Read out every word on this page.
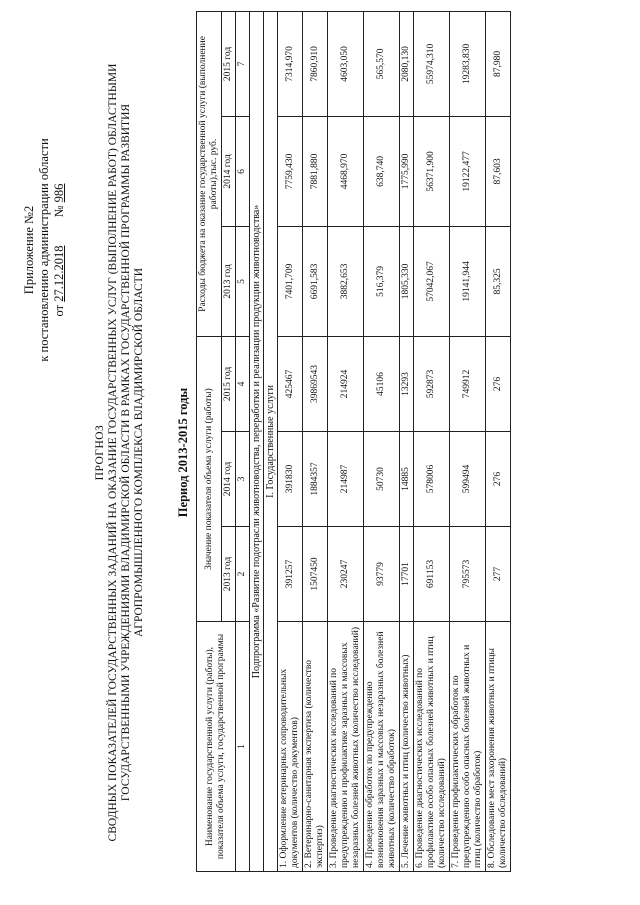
Приложение №2 к постановлению администрации области от 27.12.2018         № 986
ПРОГНОЗ СВОДНЫХ ПОКАЗАТЕЛЕЙ ГОСУДАРСТВЕННЫХ ЗАДАНИЙ НА ОКАЗАНИЕ ГОСУДАРСТВЕННЫХ УСЛУГ (ВЫПОЛНЕНИЕ РАБОТ) ОБЛАСТНЫМИ ГОСУДАРСТВЕННЫМИ УЧРЕЖДЕНИЯМИ ВЛАДИМИРСКОЙ ОБЛАСТИ В РАМКАХ ГОСУДАРСТВЕННОЙ ПРОГРАММЫ РАЗВИТИЯ АГРОПРОМЫШЛЕННОГО КОМПЛЕКСА ВЛАДИМИРСКОЙ ОБЛАСТИ Период 2013-2015 годы
Наименование государственной услуги (работы), показателя объема услуги, государственной программы	Значение показателя объема услуги (работы)			Расходы бюджета на оказание государственной услуги (выполнение работы),тыс. руб.		
	2013 год	2014 год	2015 год	2013 год	2014 год	2015 год
1	2	3	4	5	6	7
Подпрограмма «Развитие подотрасли животноводства, переработки и реализации продукции животноводства»						
I. Государственные услуги						
1. Оформление ветеринарных сопроводительных документов (количество документов)	391257	391830	425467	7401,709	7759,430	7314,970
2. Ветеринарно-санитарная экспертиза (количество экспертиз)	1507450	1884357	39869543	6691,583	7881,880	7860,910
3. Проведение диагностических исследований по предупреждению и профилактике заразных и массовых незаразных болезней животных (количество исследований)	230247	214987	214924	3882,653	4468,970	4603,050
4. Проведение обработок по предупреждению возникновения заразных и массовых незаразных болезней животных (количество обработок)	93779	50730	45106	516,379	638,740	565,570
5. Лечение животных и птиц (количество животных)	17701	14885	13293	1805,330	1775,990	2080,130
6. Проведение диагностических исследований по профилактике особо опасных болезней животных и птиц (количество исследований)	691153	578006	592873	57042,067	56371,900	55974,310
7. Проведение профилактических обработок по предупреждению особо опасных болезней животных и птиц (количество обработок)	795573	599494	749912	19141,944	19122,477	19283,830
8. Обследование мест захоронения животных и птицы (количество обследований)	277	276	276	85,325	87,603	87,980
